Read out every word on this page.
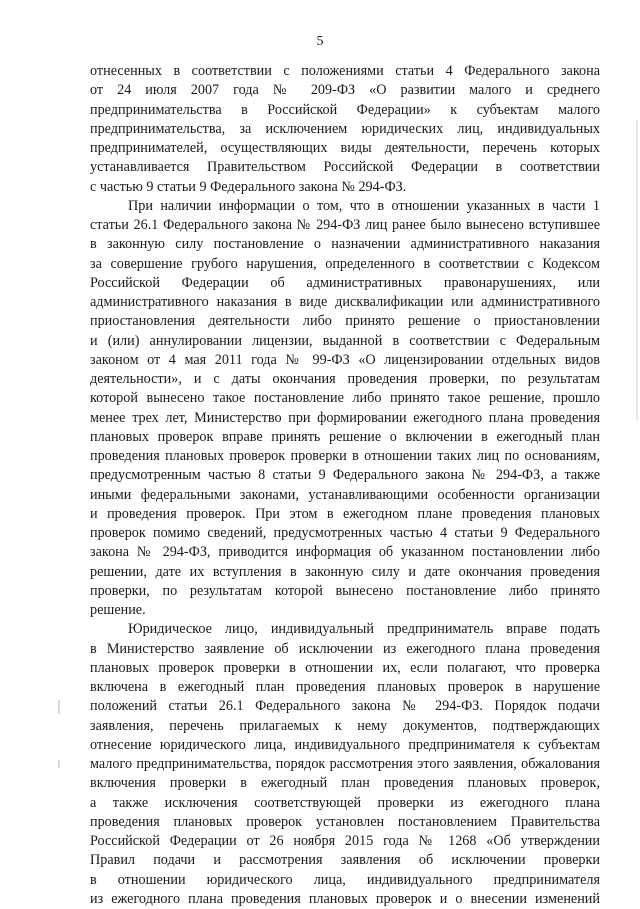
5

отнесенных в соответствии с положениями статьи 4 Федерального закона

от 24 июля 2007 года № 209-ФЗ «О развитии малого и среднего

предпринимательства в Российской Федерации» к субъектам малого

предпринимательства, за исключением юридических лиц, индивидуальных

предпринимателей, осуществляющих виды деятельности, перечень которых

устанавливается Правительством Российской Федерации в соответствии

с частью 9 статьи 9 Федерального закона № 294-ФЗ.

При наличии информации о том, что в отношении указанных в части 1

статьи 26.1 Федерального закона № 294-ФЗ лиц ранее было вынесено вступившее

в законную силу постановление о назначении административного наказания

за совершение грубого нарушения, определенного в соответствии с Кодексом

Российской Федерации об административных правонарушениях, или

административного наказания в виде дисквалификации или административного

приостановления деятельности либо принято решение о приостановлении

и (или) аннулировании лицензии, выданной в соответствии с Федеральным

законом от 4 мая 2011 года № 99-ФЗ «О лицензировании отдельных видов

деятельности», и с даты окончания проведения проверки, по результатам

которой вынесено такое постановление либо принято такое решение, прошло

менее трех лет, Министерство при формировании ежегодного плана проведения

плановых проверок вправе принять решение о включении в ежегодный план

проведения плановых проверок проверки в отношении таких лиц по основаниям,

предусмотренным частью 8 статьи 9 Федерального закона № 294-ФЗ, а также

иными федеральными законами, устанавливающими особенности организации

и проведения проверок. При этом в ежегодном плане проведения плановых

проверок помимо сведений, предусмотренных частью 4 статьи 9 Федерального

закона № 294-ФЗ, приводится информация об указанном постановлении либо

решении, дате их вступления в законную силу и дате окончания проведения

проверки, по результатам которой вынесено постановление либо принято

решение.

Юридическое лицо, индивидуальный предприниматель вправе подать

в Министерство заявление об исключении из ежегодного плана проведения

плановых проверок проверки в отношении их, если полагают, что проверка

включена в ежегодный план проведения плановых проверок в нарушение

положений статьи 26.1 Федерального закона № 294-ФЗ. Порядок подачи

заявления, перечень прилагаемых к нему документов, подтверждающих

отнесение юридического лица, индивидуального предпринимателя к субъектам

малого предпринимательства, порядок рассмотрения этого заявления, обжалования

включения проверки в ежегодный план проведения плановых проверок,

а также исключения соответствующей проверки из ежегодного плана

проведения плановых проверок установлен постановлением Правительства

Российской Федерации от 26 ноября 2015 года № 1268 «Об утверждении

Правил подачи и рассмотрения заявления об исключении проверки

в отношении юридического лица, индивидуального предпринимателя

из ежегодного плана проведения плановых проверок и о внесении изменений
